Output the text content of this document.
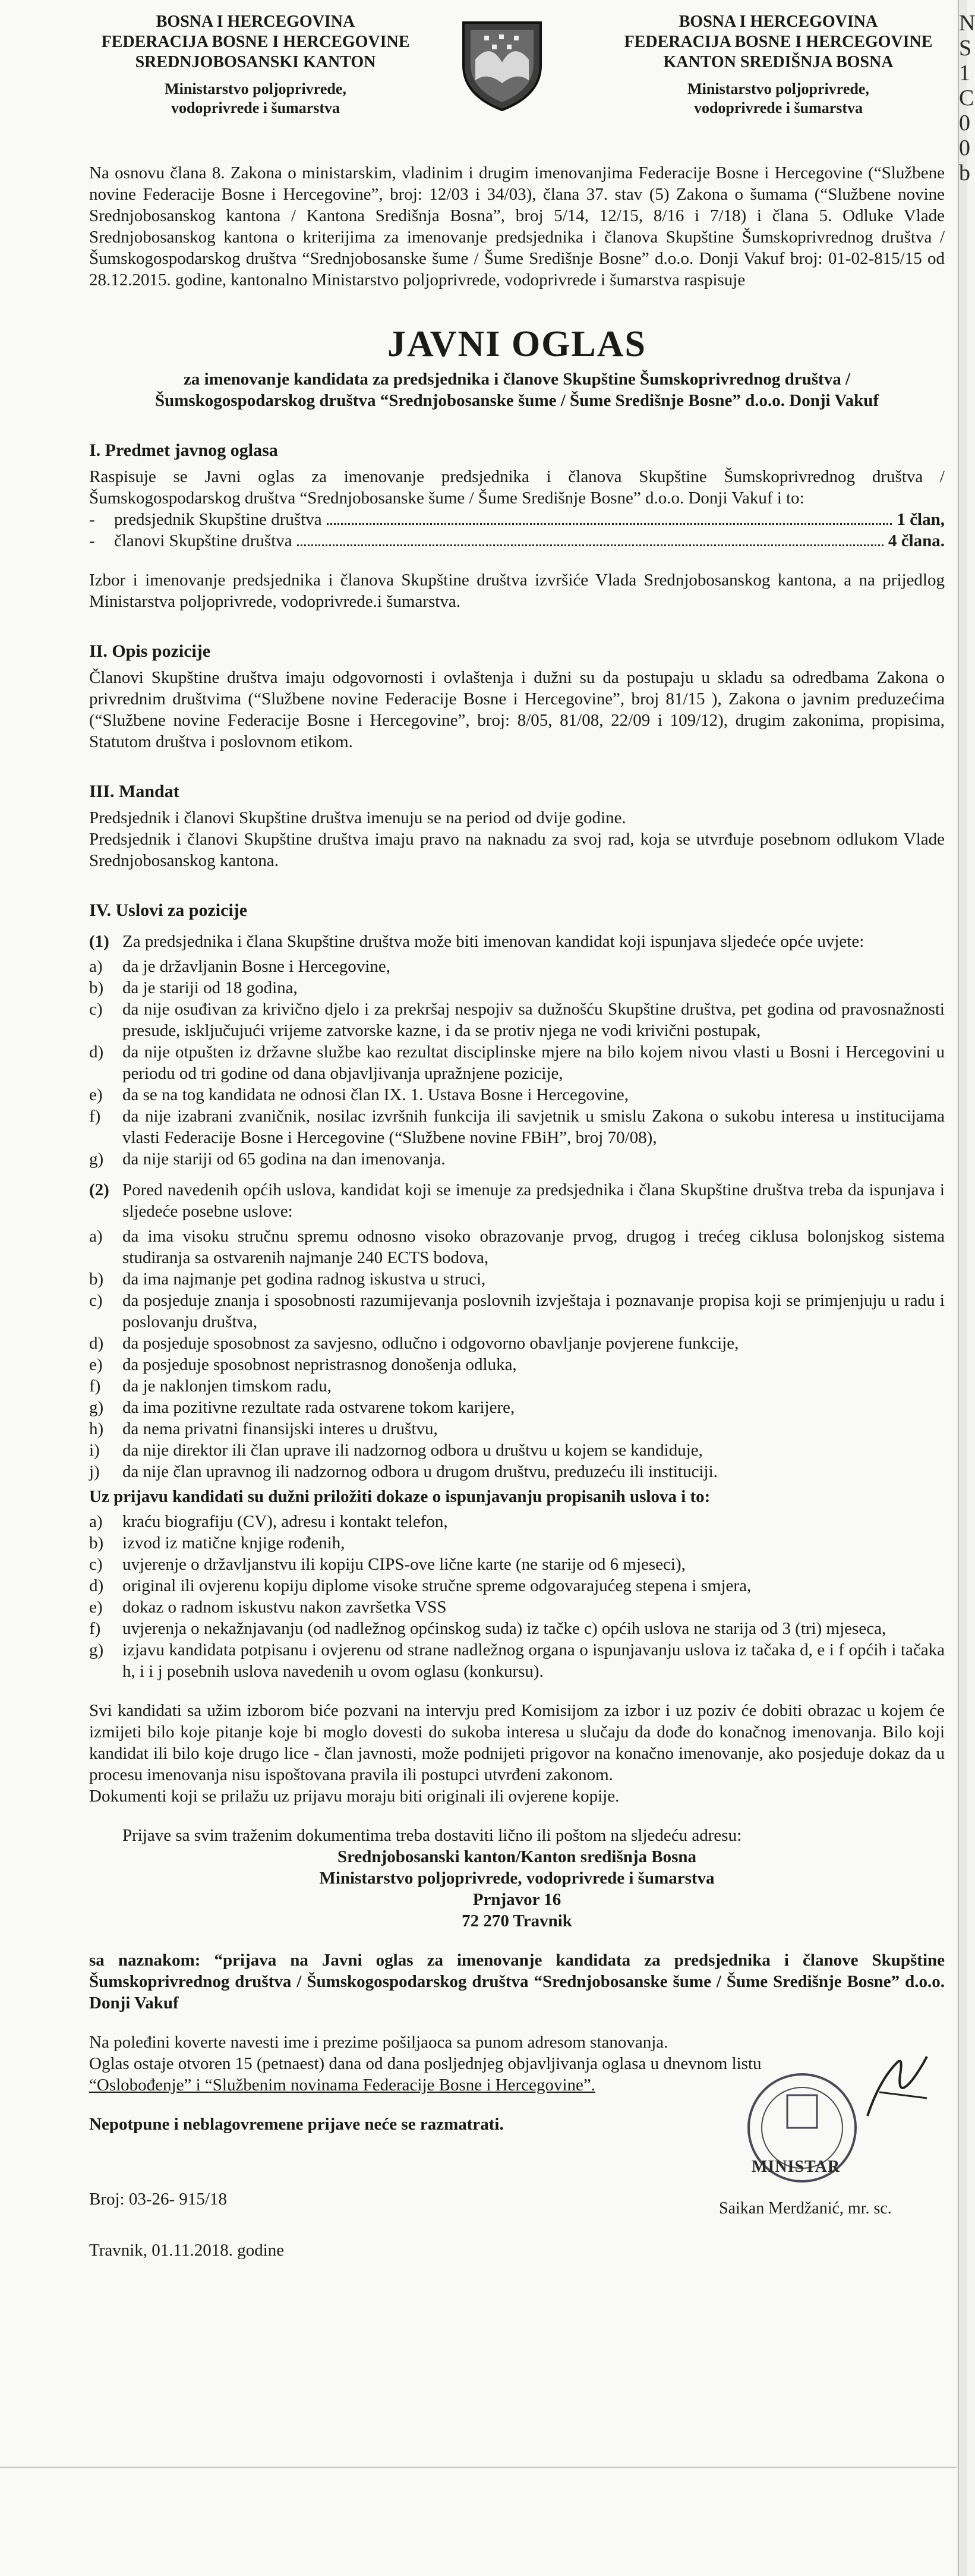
BOSNA I HERCEGOVINA
FEDERACIJA BOSNE I HERCEGOVINE
SREDNJOBOSANSKI KANTON
Ministarstvo poljoprivrede,
vodoprivrede i šumarstva
BOSNA I HERCEGOVINA
FEDERACIJA BOSNE I HERCEGOVINE
KANTON SREDIŠNJA BOSNA
Ministarstvo poljoprivrede,
vodoprivrede i šumarstva

Na osnovu člana 8. Zakona o ministarskim, vladinim i drugim imenovanjima Federacije Bosne i Hercegovine (“Službene novine Federacije Bosne i Hercegovine”, broj: 12/03 i 34/03), člana 37. stav (5) Zakona o šumama (“Službene novine Srednjobosanskog kantona / Kantona Središnja Bosna”, broj 5/14, 12/15, 8/16 i 7/18) i člana 5. Odluke Vlade Srednjobosanskog kantona o kriterijima za imenovanje predsjednika i članova Skupštine Šumskoprivrednog društva / Šumskogospodarskog društva “Srednjobosanske šume / Šume Središnje Bosne” d.o.o. Donji Vakuf broj: 01-02-815/15 od 28.12.2015. godine, kantonalno Ministarstvo poljoprivrede, vodoprivrede i šumarstva raspisuje

JAVNI OGLAS
za imenovanje kandidata za predsjednika i članove Skupštine Šumskoprivrednog društva /
Šumskogospodarskog društva “Srednjobosanske šume / Šume Središnje Bosne” d.o.o. Donji Vakuf
I. Predmet javnog oglasa

Raspisuje se Javni oglas za imenovanje predsjednika i članova Skupštine Šumskoprivrednog društva / Šumskogospodarskog društva “Srednjobosanske šume / Šume Središnje Bosne” d.o.o. Donji Vakuf i to:

-	predsjednik Skupštine društva	1 član,
-	članovi Skupštine društva	4 člana.

Izbor i imenovanje predsjednika i članova Skupštine društva izvršiće Vlada Srednjobosanskog kantona, a na prijedlog Ministarstva poljoprivrede, vodoprivrede.i šumarstva.

II. Opis pozicije

Članovi Skupštine društva imaju odgovornosti i ovlaštenja i dužni su da postupaju u skladu sa odredbama Zakona o privrednim društvima (“Službene novine Federacije Bosne i Hercegovine”, broj 81/15 ), Zakona o javnim preduzećima (“Službene novine Federacije Bosne i Hercegovine”, broj: 8/05, 81/08, 22/09 i 109/12), drugim zakonima, propisima, Statutom društva i poslovnom etikom.

III. Mandat

Predsjednik i članovi Skupštine društva imenuju se na period od dvije godine.

Predsjednik i članovi Skupštine društva imaju pravo na naknadu za svoj rad, koja se utvrđuje posebnom odlukom Vlade Srednjobosanskog kantona.

IV. Uslovi za pozicije
(1) Za predsjednika i člana Skupštine društva može biti imenovan kandidat koji ispunjava sljedeće opće uvjete:
a) da je državljanin Bosne i Hercegovine,
b) da je stariji od 18 godina,
c) da nije osuđivan za krivično djelo i za prekršaj nespojiv sa dužnošću Skupštine društva, pet godina od pravosnažnosti presude, isključujući vrijeme zatvorske kazne, i da se protiv njega ne vodi krivični postupak,
d) da nije otpušten iz državne službe kao rezultat disciplinske mjere na bilo kojem nivou vlasti u Bosni i Hercegovini u periodu od tri godine od dana objavljivanja upražnjene pozicije,
e) da se na tog kandidata ne odnosi član IX. 1. Ustava Bosne i Hercegovine,
f) da nije izabrani zvaničnik, nosilac izvršnih funkcija ili savjetnik u smislu Zakona o sukobu interesa u institucijama vlasti Federacije Bosne i Hercegovine (“Službene novine FBiH”, broj 70/08),
g) da nije stariji od 65 godina na dan imenovanja.
(2) Pored navedenih općih uslova, kandidat koji se imenuje za predsjednika i člana Skupštine društva treba da ispunjava i sljedeće posebne uslove:
a) da ima visoku stručnu spremu odnosno visoko obrazovanje prvog, drugog i trećeg ciklusa bolonjskog sistema studiranja sa ostvarenih najmanje 240 ECTS bodova,
b) da ima najmanje pet godina radnog iskustva u struci,
c) da posjeduje znanja i sposobnosti razumijevanja poslovnih izvještaja i poznavanje propisa koji se primjenjuju u radu i poslovanju društva,
d) da posjeduje sposobnost za savjesno, odlučno i odgovorno obavljanje povjerene funkcije,
e) da posjeduje sposobnost nepristrasnog donošenja odluka,
f) da je naklonjen timskom radu,
g) da ima pozitivne rezultate rada ostvarene tokom karijere,
h) da nema privatni finansijski interes u društvu,
i) da nije direktor ili član uprave ili nadzornog odbora u društvu u kojem se kandiduje,
j) da nije član upravnog ili nadzornog odbora u drugom društvu, preduzeću ili instituciji.

Uz prijavu kandidati su dužni priložiti dokaze o ispunjavanju propisanih uslova i to:

a) kraću biografiju (CV), adresu i kontakt telefon,
b) izvod iz matične knjige rođenih,
c) uvjerenje o državljanstvu ili kopiju CIPS-ove lične karte (ne starije od 6 mjeseci),
d) original ili ovjerenu kopiju diplome visoke stručne spreme odgovarajućeg stepena i smjera,
e) dokaz o radnom iskustvu nakon završetka VSS
f) uvjerenja o nekažnjavanju (od nadležnog općinskog suda) iz tačke c) općih uslova ne starija od 3 (tri) mjeseca,
g) izjavu kandidata potpisanu i ovjerenu od strane nadležnog organa o ispunjavanju uslova iz tačaka d, e i f općih i tačaka h, i i j posebnih uslova navedenih u ovom oglasu (konkursu).

Svi kandidati sa užim izborom biće pozvani na intervju pred Komisijom za izbor i uz poziv će dobiti obrazac u kojem će izmijeti bilo koje pitanje koje bi moglo dovesti do sukoba interesa u slučaju da dođe do konačnog imenovanja. Bilo koji kandidat ili bilo koje drugo lice - član javnosti, može podnijeti prigovor na konačno imenovanje, ako posjeduje dokaz da u procesu imenovanja nisu ispoštovana pravila ili postupci utvrđeni zakonom.

Dokumenti koji se prilažu uz prijavu moraju biti originali ili ovjerene kopije.

Prijave sa svim traženim dokumentima treba dostaviti lično ili poštom na sljedeću adresu:

Srednjobosanski kanton/Kanton središnja Bosna
Ministarstvo poljoprivrede, vodoprivrede i šumarstva
Prnjavor 16
72 270 Travnik

sa naznakom: “prijava na Javni oglas za imenovanje kandidata za predsjednika i članove Skupštine Šumskoprivrednog društva / Šumskogospodarskog društva “Srednjobosanske šume / Šume Središnje Bosne” d.o.o. Donji Vakuf

Na poleđini koverte navesti ime i prezime pošiljaoca sa punom adresom stanovanja.

Oglas ostaje otvoren 15 (petnaest) dana od dana posljednjeg objavljivanja oglasa u dnevnom listu

“Oslobođenje” i “Službenim novinama Federacije Bosne i Hercegovine”.

Nepotpune i neblagovremene prijave neće se razmatrati.

Broj: 03-26- 915/18

Travnik, 01.11.2018. godine

MINISTAR
Saikan Merdžanić, mr. sc.
N
S
1
C
0
0
b
